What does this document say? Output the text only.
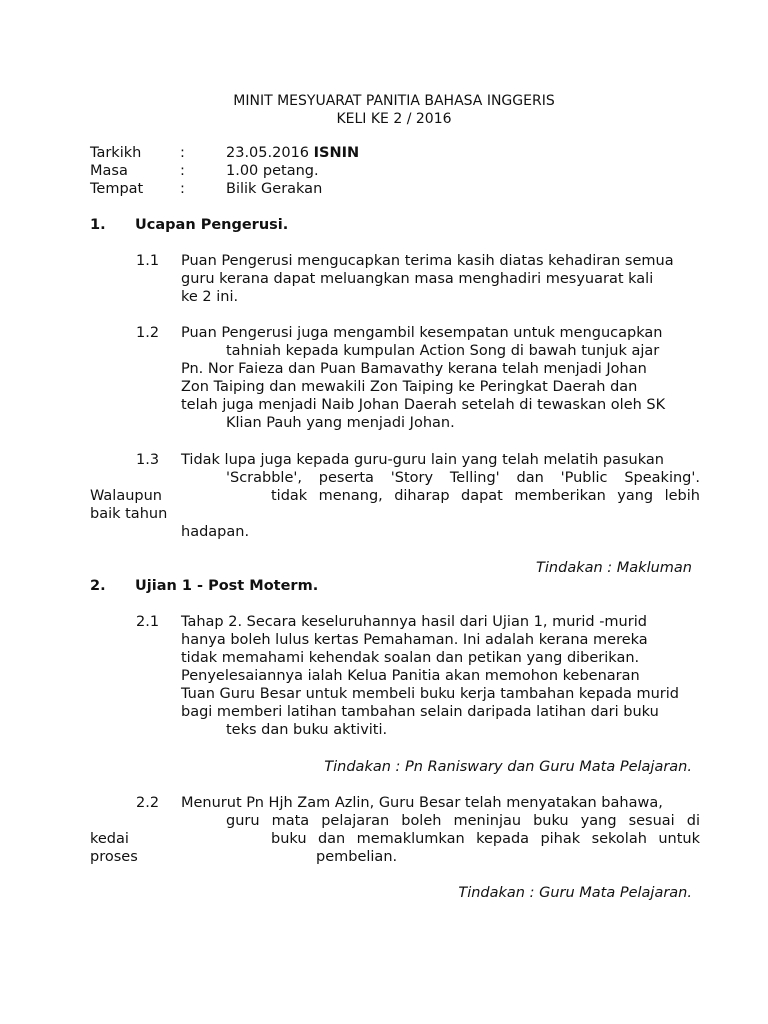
MINIT MESYUARAT PANITIA BAHASA INGGERIS
KELI KE 2 / 2016
Tarkikh	:	23.05.2016 ISNIN
Masa	:	1.00 petang.
Tempat	:	Bilik Gerakan
1. Ucapan Pengerusi.
1.1 Puan Pengerusi mengucapkan terima kasih diatas kehadiran semua
guru kerana dapat meluangkan masa menghadiri mesyuarat kali
ke 2 ini.
1.2 Puan Pengerusi juga mengambil kesempatan untuk mengucapkan
tahniah kepada kumpulan Action Song di bawah tunjuk ajar
Pn. Nor Faieza dan Puan Bamavathy kerana telah menjadi Johan
Zon Taiping dan mewakili Zon Taiping ke Peringkat Daerah dan
telah juga menjadi Naib Johan Daerah setelah di tewaskan oleh SK
Klian Pauh yang menjadi Johan.
1.3 Tidak lupa juga kepada guru-guru lain yang telah melatih pasukan
'Scrabble', peserta 'Story Telling' dan 'Public Speaking'.
Walaupun	tidak menang, diharap dapat memberikan yang lebih
baik tahun
hadapan.
Tindakan : Makluman
2. Ujian 1 - Post Moterm.
2.1 Tahap 2. Secara keseluruhannya hasil dari Ujian 1, murid -murid
hanya boleh lulus kertas Pemahaman. Ini adalah kerana mereka
tidak memahami kehendak soalan dan petikan yang diberikan.
Penyelesaiannya ialah Kelua Panitia akan memohon kebenaran
Tuan Guru Besar untuk membeli buku kerja tambahan kepada murid
bagi memberi latihan tambahan selain daripada latihan dari buku
teks dan buku aktiviti.
Tindakan : Pn Raniswary dan Guru Mata Pelajaran.
2.2 Menurut Pn Hjh Zam Azlin, Guru Besar telah menyatakan bahawa,
guru mata pelajaran boleh meninjau buku yang sesuai di
kedai	buku dan memaklumkan kepada pihak sekolah untuk
proses	pembelian.
Tindakan : Guru Mata Pelajaran.
